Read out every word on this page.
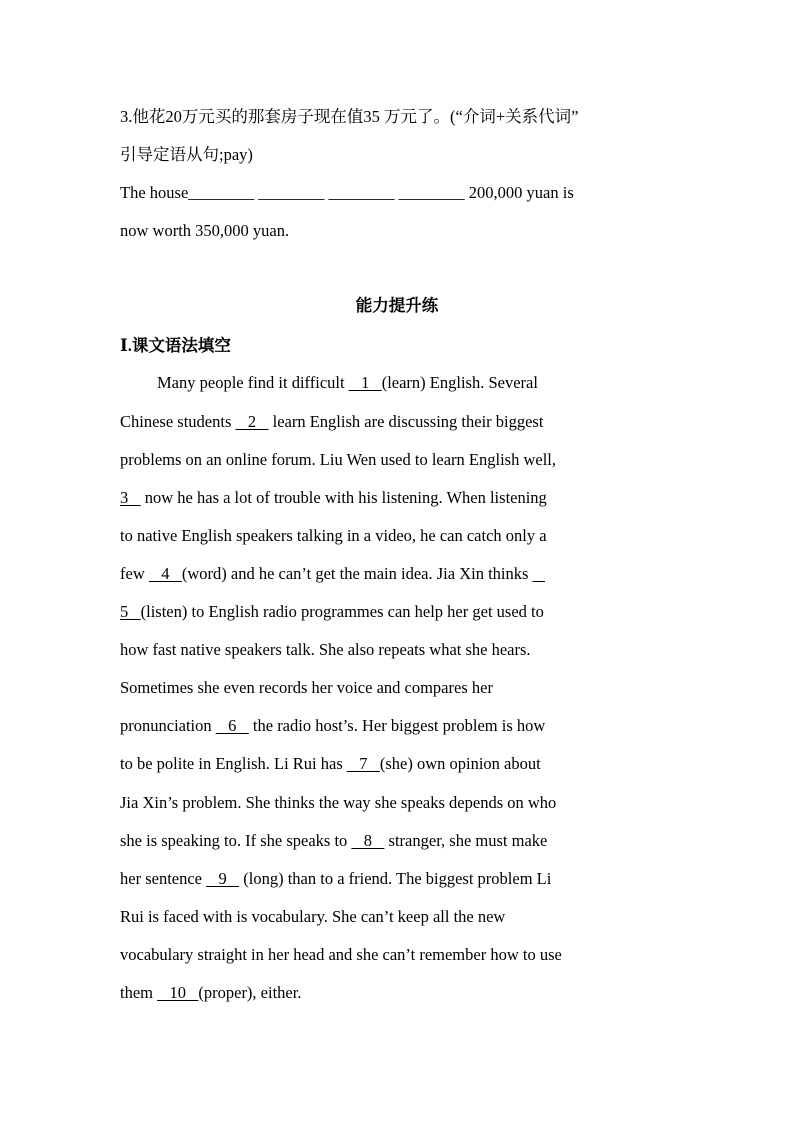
3.他花20万元买的那套房子现在值35 万元了。(“介词+关系代词”
引导定语从句;pay)
The house________ ________ ________ ________ 200,000 yuan is
now worth 350,000 yuan.
能力提升练
Ⅰ.课文语法填空
Many people find it difficult    1   (learn) English. Several
Chinese students    2    learn English are discussing their biggest
problems on an online forum. Liu Wen used to learn English well,
3    now he has a lot of trouble with his listening. When listening
to native English speakers talking in a video, he can catch only a
few    4   (word) and he can’t get the main idea. Jia Xin thinks
5   (listen) to English radio programmes can help her get used to
how fast native speakers talk. She also repeats what she hears.
Sometimes she even records her voice and compares her
pronunciation    6    the radio host’s. Her biggest problem is how
to be polite in English. Li Rui has    7   (she) own opinion about
Jia Xin’s problem. She thinks the way she speaks depends on who
she is speaking to. If she speaks to    8    stranger, she must make
her sentence    9    (long) than to a friend. The biggest problem Li
Rui is faced with is vocabulary. She can’t keep all the new
vocabulary straight in her head and she can’t remember how to use
them    10   (proper), either.
